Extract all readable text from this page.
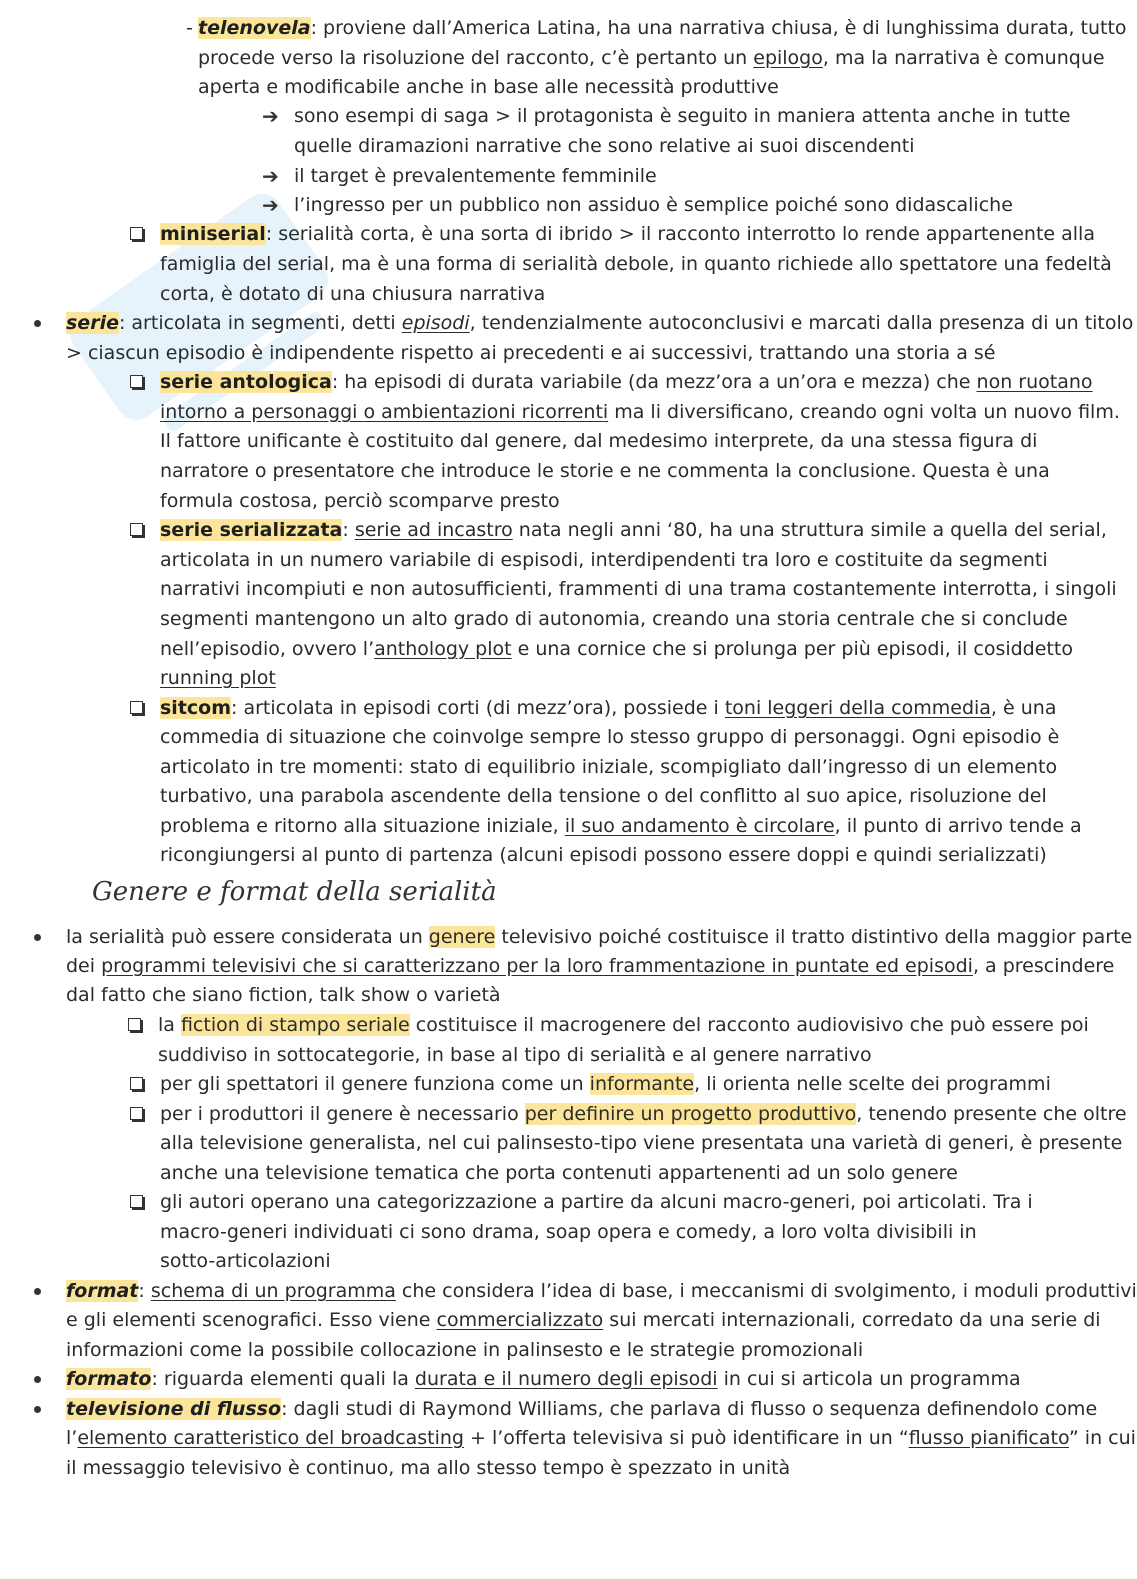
-
➔
➔
➔
Genere e format della serialità
telenovela: proviene dall’America Latina, ha una narrativa chiusa, è di lunghissima durata, tutto
procede verso la risoluzione del racconto, c’è pertanto un epilogo, ma la narrativa è comunque
aperta e modificabile anche in base alle necessità produttive
sono esempi di saga > il protagonista è seguito in maniera attenta anche in tutte
quelle diramazioni narrative che sono relative ai suoi discendenti
il target è prevalentemente femminile
l’ingresso per un pubblico non assiduo è semplice poiché sono didascaliche
miniserial: serialità corta, è una sorta di ibrido > il racconto interrotto lo rende appartenente alla
famiglia del serial, ma è una forma di serialità debole, in quanto richiede allo spettatore una fedeltà
corta, è dotato di una chiusura narrativa
serie: articolata in segmenti, detti episodi, tendenzialmente autoconclusivi e marcati dalla presenza di un titolo
> ciascun episodio è indipendente rispetto ai precedenti e ai successivi, trattando una storia a sé
serie antologica: ha episodi di durata variabile (da mezz’ora a un’ora e mezza) che non ruotano
intorno a personaggi o ambientazioni ricorrenti ma li diversificano, creando ogni volta un nuovo film.
Il fattore unificante è costituito dal genere, dal medesimo interprete, da una stessa figura di
narratore o presentatore che introduce le storie e ne commenta la conclusione. Questa è una
formula costosa, perciò scomparve presto
serie serializzata: serie ad incastro nata negli anni ‘80, ha una struttura simile a quella del serial,
articolata in un numero variabile di espisodi, interdipendenti tra loro e costituite da segmenti
narrativi incompiuti e non autosufficienti, frammenti di una trama costantemente interrotta, i singoli
segmenti mantengono un alto grado di autonomia, creando una storia centrale che si conclude
nell’episodio, ovvero l’anthology plot e una cornice che si prolunga per più episodi, il cosiddetto
running plot
sitcom: articolata in episodi corti (di mezz’ora), possiede i toni leggeri della commedia, è una
commedia di situazione che coinvolge sempre lo stesso gruppo di personaggi. Ogni episodio è
articolato in tre momenti: stato di equilibrio iniziale, scompigliato dall’ingresso di un elemento
turbativo, una parabola ascendente della tensione o del conflitto al suo apice, risoluzione del
problema e ritorno alla situazione iniziale, il suo andamento è circolare, il punto di arrivo tende a
ricongiungersi al punto di partenza (alcuni episodi possono essere doppi e quindi serializzati)
la serialità può essere considerata un genere televisivo poiché costituisce il tratto distintivo della maggior parte
dei programmi televisivi che si caratterizzano per la loro frammentazione in puntate ed episodi, a prescindere
dal fatto che siano fiction, talk show o varietà
la fiction di stampo seriale costituisce il macrogenere del racconto audiovisivo che può essere poi
suddiviso in sottocategorie, in base al tipo di serialità e al genere narrativo
per gli spettatori il genere funziona come un informante, li orienta nelle scelte dei programmi
per i produttori il genere è necessario per definire un progetto produttivo, tenendo presente che oltre
alla televisione generalista, nel cui palinsesto-tipo viene presentata una varietà di generi, è presente
anche una televisione tematica che porta contenuti appartenenti ad un solo genere
gli autori operano una categorizzazione a partire da alcuni macro-generi, poi articolati. Tra i
macro-generi individuati ci sono drama, soap opera e comedy, a loro volta divisibili in
sotto-articolazioni
format: schema di un programma che considera l’idea di base, i meccanismi di svolgimento, i moduli produttivi
e gli elementi scenografici. Esso viene commercializzato sui mercati internazionali, corredato da una serie di
informazioni come la possibile collocazione in palinsesto e le strategie promozionali
formato: riguarda elementi quali la durata e il numero degli episodi in cui si articola un programma
televisione di flusso: dagli studi di Raymond Williams, che parlava di flusso o sequenza definendolo come
l’elemento caratteristico del broadcasting + l’offerta televisiva si può identificare in un “flusso pianificato” in cui
il messaggio televisivo è continuo, ma allo stesso tempo è spezzato in unità
